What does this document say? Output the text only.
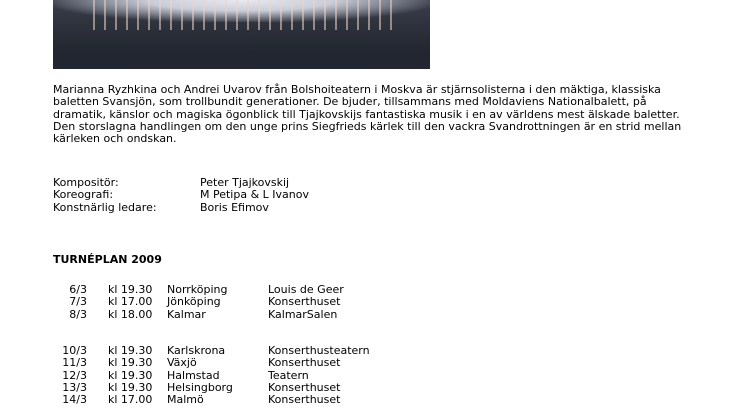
Marianna Ryzhkina och Andrei Uvarov från Bolshoiteatern i Moskva är stjärnsolisterna i den mäktiga, klassiska baletten Svansjön, som trollbundit generationer. De bjuder, tillsammans med Moldaviens Nationalbalett, på dramatik, känslor och magiska ögonblick till Tjajkovskijs fantastiska musik i en av världens mest älskade baletter. Den storslagna handlingen om den unge prins Siegfrieds kärlek till den vackra Svandrottningen är en strid mellan kärleken och ondskan.

Kompositör:	Peter Tjajkovskij
Koreografi:	M Petipa & L Ivanov
Konstnärlig ledare:	Boris Efimov
TURNÉPLAN 2009
6/3	kl 19.30	Norrköping	Louis de Geer
7/3	kl 17.00	Jönköping	Konserthuset
8/3	kl 18.00	Kalmar	KalmarSalen
10/3	kl 19.30	Karlskrona	Konserthusteatern
11/3	kl 19.30	Växjö	Konserthuset
12/3	kl 19.30	Halmstad	Teatern
13/3	kl 19.30	Helsingborg	Konserthuset
14/3	kl 17.00	Malmö	Konserthuset
